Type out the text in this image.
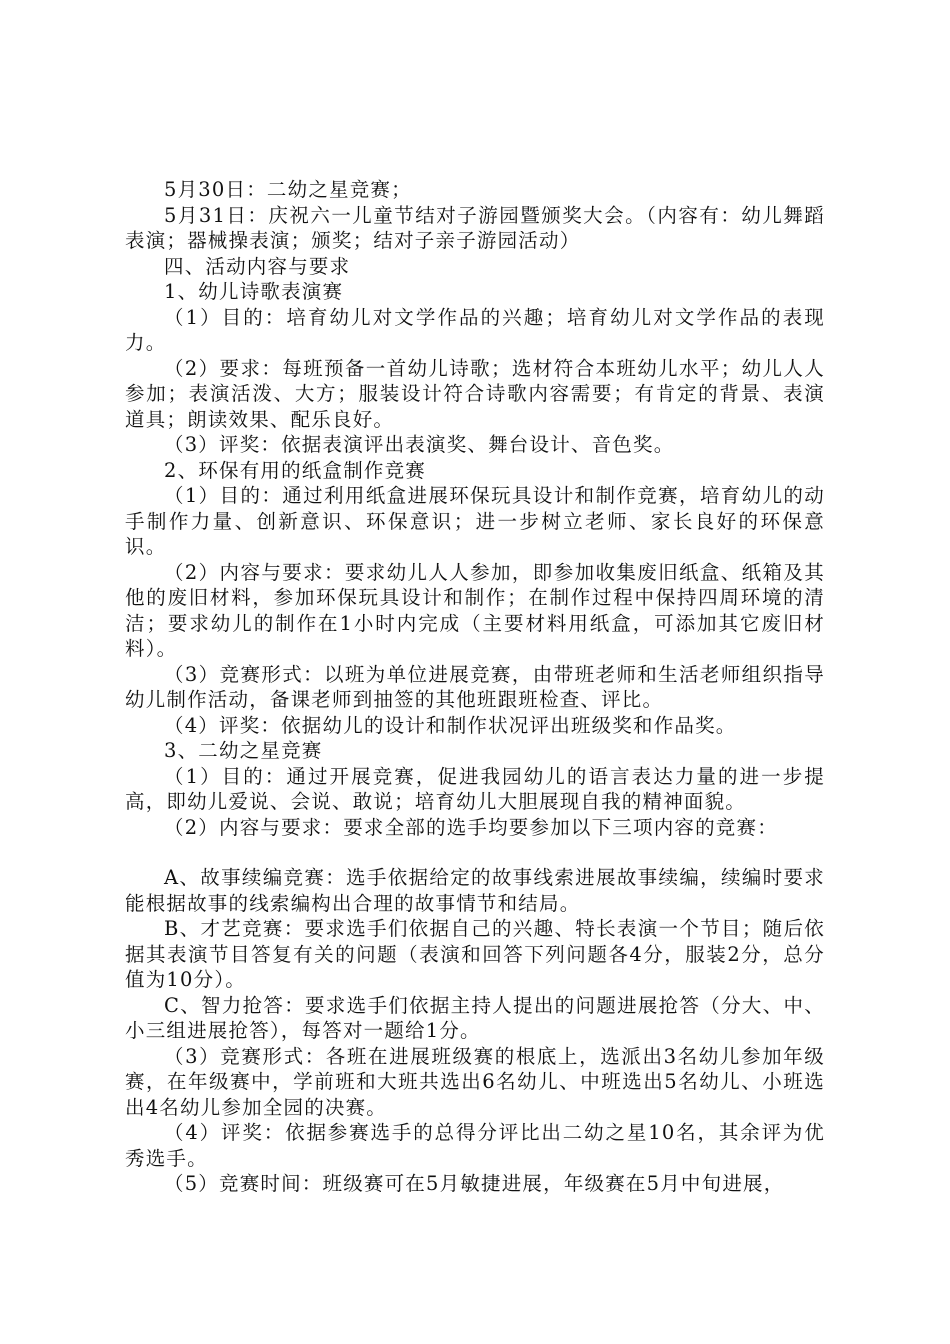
5月30日：二幼之星竞赛；

5月31日：庆祝六一儿童节结对子游园暨颁奖大会。（内容有：幼儿舞蹈表演；器械操表演；颁奖；结对子亲子游园活动）

四、活动内容与要求

1、幼儿诗歌表演赛

（1）目的：培育幼儿对文学作品的兴趣；培育幼儿对文学作品的表现力。

（2）要求：每班预备一首幼儿诗歌；选材符合本班幼儿水平；幼儿人人参加；表演活泼、大方；服装设计符合诗歌内容需要；有肯定的背景、表演道具；朗读效果、配乐良好。

（3）评奖：依据表演评出表演奖、舞台设计、音色奖。

2、环保有用的纸盒制作竞赛

（1）目的：通过利用纸盒进展环保玩具设计和制作竞赛，培育幼儿的动手制作力量、创新意识、环保意识；进一步树立老师、家长良好的环保意识。

（2）内容与要求：要求幼儿人人参加，即参加收集废旧纸盒、纸箱及其他的废旧材料，参加环保玩具设计和制作；在制作过程中保持四周环境的清洁；要求幼儿的制作在1小时内完成（主要材料用纸盒，可添加其它废旧材料）。

（3）竞赛形式：以班为单位进展竞赛，由带班老师和生活老师组织指导幼儿制作活动，备课老师到抽签的其他班跟班检查、评比。

（4）评奖：依据幼儿的设计和制作状况评出班级奖和作品奖。

3、二幼之星竞赛

（1）目的：通过开展竞赛，促进我园幼儿的语言表达力量的进一步提高，即幼儿爱说、会说、敢说；培育幼儿大胆展现自我的精神面貌。

（2）内容与要求：要求全部的选手均要参加以下三项内容的竞赛：

A、故事续编竞赛：选手依据给定的故事线索进展故事续编，续编时要求能根据故事的线索编构出合理的故事情节和结局。

B、才艺竞赛：要求选手们依据自己的兴趣、特长表演一个节目；随后依据其表演节目答复有关的问题（表演和回答下列问题各4分，服装2分，总分值为10分）。

C、智力抢答：要求选手们依据主持人提出的问题进展抢答（分大、中、小三组进展抢答），每答对一题给1分。

（3）竞赛形式：各班在进展班级赛的根底上，选派出3名幼儿参加年级赛，在年级赛中，学前班和大班共选出6名幼儿、中班选出5名幼儿、小班选出4名幼儿参加全园的决赛。

（4）评奖：依据参赛选手的总得分评比出二幼之星10名，其余评为优秀选手。

（5）竞赛时间：班级赛可在5月敏捷进展，年级赛在5月中旬进展，
